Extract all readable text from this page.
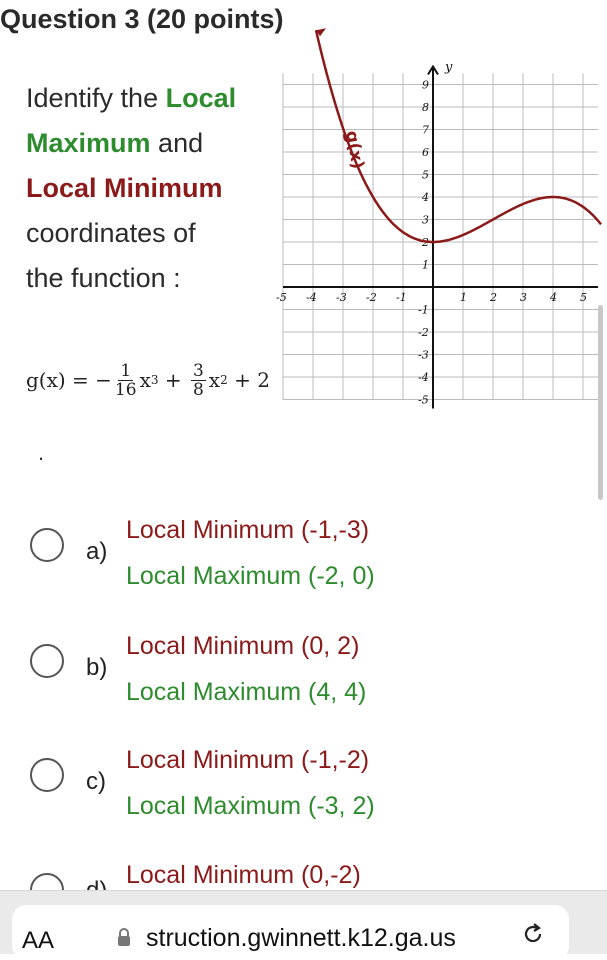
Question 3 (20 points)
Identify the Local
Maximum and
Local Minimum
coordinates of
the function :
y
-5 -4 -3 -2 -1	1 2 3 4 5
9
8
7
6
5
4
3
2
1
-1
-2
-3
-4
-5
g(x)
g(x) = − $\frac{1}{16}$ x $3 + \frac{3}{8}$ x 2 + 2
.
a)
Local Minimum (-1,-3)
Local Maximum (-2, 0)
b)
Local Minimum (0, 2)
Local Maximum (4, 4)
c)
Local Minimum (-1,-2)
Local Maximum (-3, 2)
Local Minimum (0,-2)
AA	struction.gwinnett.k12.ga.us
